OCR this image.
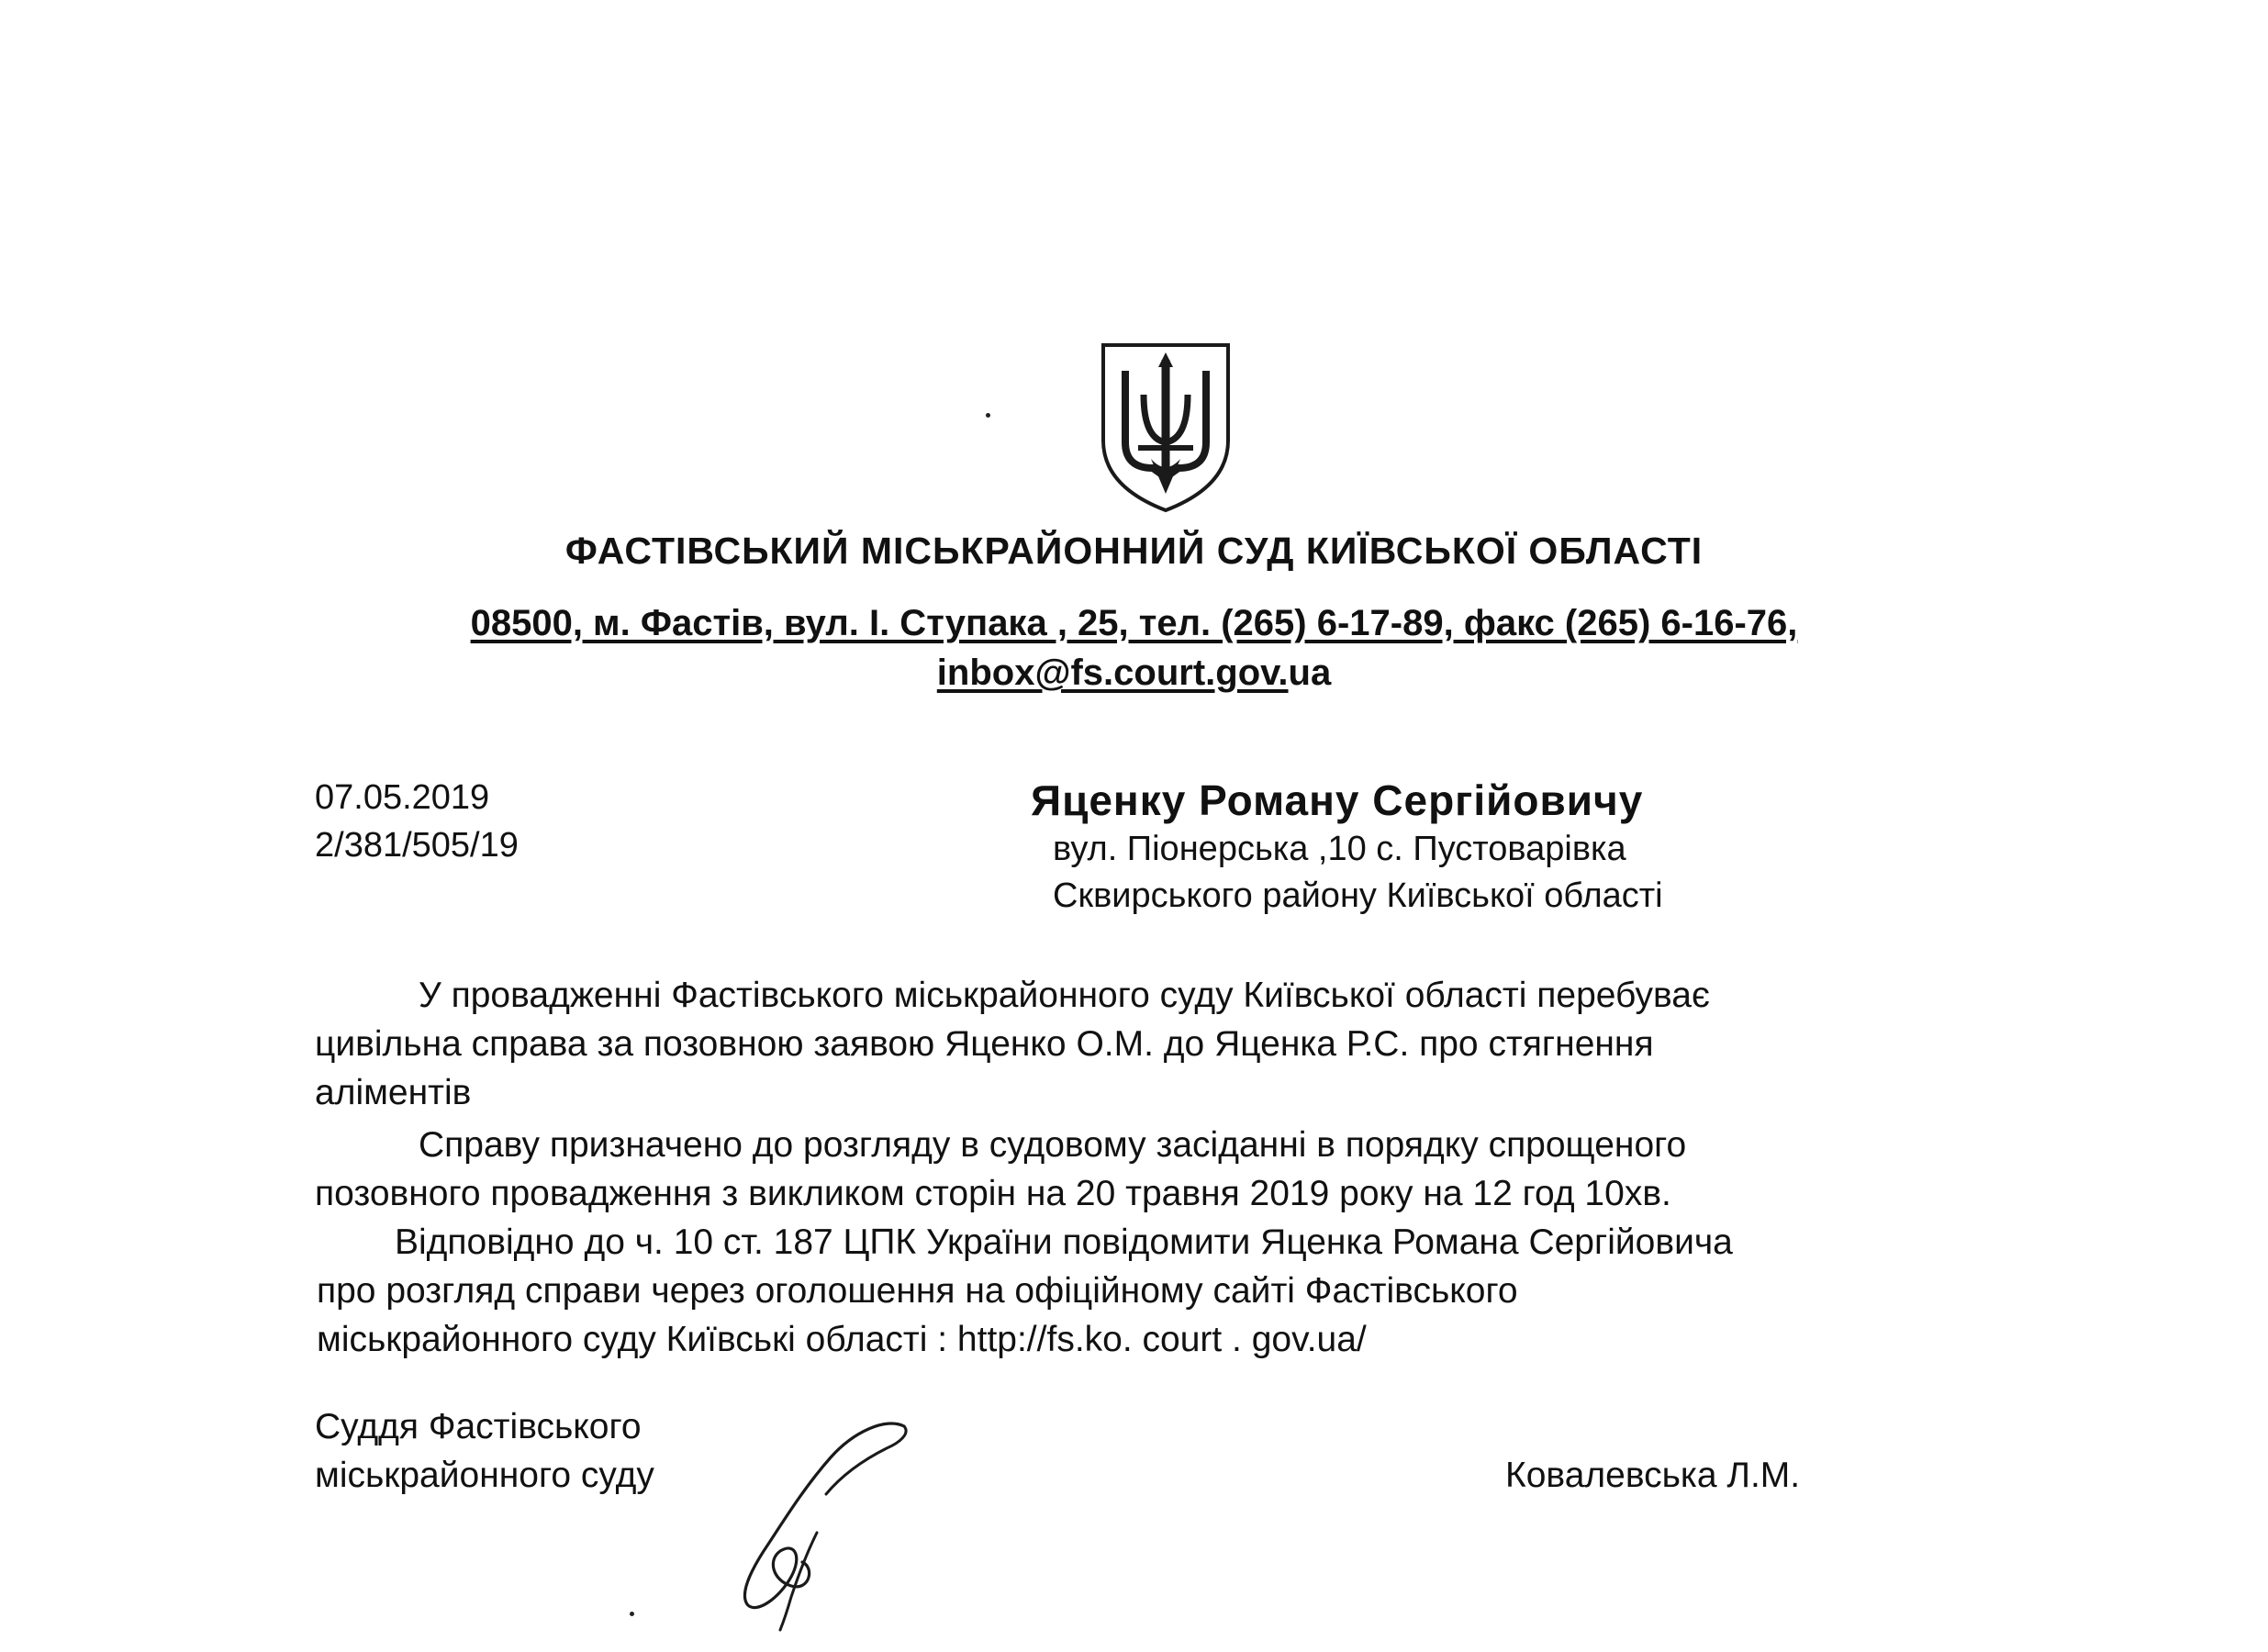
ФАСТІВСЬКИЙ МІСЬКРАЙОННИЙ СУД КИЇВСЬКОЇ ОБЛАСТІ
08500, м. Фастів, вул. І. Ступака , 25, тел. (265) 6-17-89, факс (265) 6-16-76,
inbox@fs.court.gov.ua
07.05.2019
2/381/505/19
Яценку Роману Сергійовичу
вул. Піонерська ,10 с. Пустоварівка
Сквирського району Київської області
У провадженні Фастівського міськрайонного суду Київської області перебуває
цивільна справа за позовною заявою Яценко О.М. до Яценка Р.С. про стягнення
аліментів
Справу призначено до розгляду в судовому засіданні в порядку спрощеного
позовного провадження з викликом сторін на 20 травня 2019 року на 12 год 10хв.
Відповідно до ч. 10 ст. 187 ЦПК України повідомити Яценка Романа Сергійовича
про розгляд справи через оголошення на офіційному сайті Фастівського
міськрайонного суду Київські області : http://fs.ko. court . gov.ua/
Суддя Фастівського
міськрайонного суду	Ковалевська Л.М.
